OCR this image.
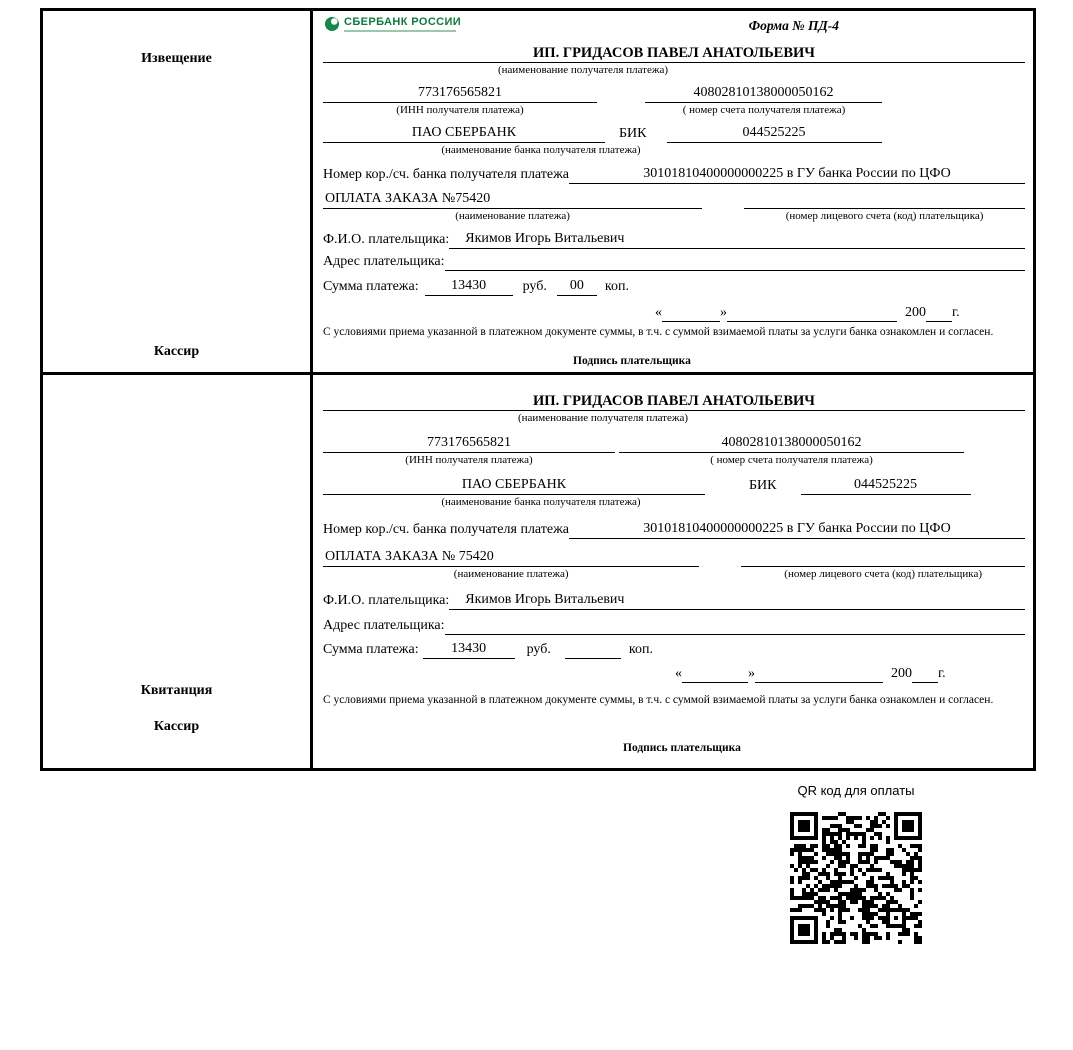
Извещение
Кассир
СБЕРБАНК РОССИИ	Форма № ПД-4
ИП. ГРИДАСОВ ПАВЕЛ АНАТОЛЬЕВИЧ
(наименование получателя платежа)
773176565821	40802810138000050162
(ИНН получателя платежа)	( номер счета получателя платежа)
ПАО СБЕРБАНК	БИК	044525225
(наименование банка получателя платежа)
Номер кор./сч. банка получателя платежа	30101810400000000225 в ГУ банка России по ЦФО
ОПЛАТА ЗАКАЗА №75420
(наименование платежа)	(номер лицевого счета (код) плательщика)
Ф.И.О. плательщика:	Якимов Игорь Витальевич
Адрес плательщика:
Сумма платежа:	13430	руб.	00	коп.
«	»	200 г.
С условиями приема указанной в платежном документе суммы, в т.ч. с суммой взимаемой платы за услуги банка ознакомлен и согласен.
Подпись плательщика
Квитанция
Кассир
ИП. ГРИДАСОВ ПАВЕЛ АНАТОЛЬЕВИЧ
(наименование получателя платежа)
773176565821	40802810138000050162
(ИНН получателя платежа)	( номер счета получателя платежа)
ПАО СБЕРБАНК	БИК	044525225
(наименование банка получателя платежа)
Номер кор./сч. банка получателя платежа	30101810400000000225 в ГУ банка России по ЦФО
ОПЛАТА ЗАКАЗА № 75420
(наименование платежа)	(номер лицевого счета (код) плательщика)
Ф.И.О. плательщика:	Якимов Игорь Витальевич
Адрес плательщика:
Сумма платежа:	13430	руб.	коп.
«	»	200 г.
С условиями приема указанной в платежном документе суммы, в т.ч. с суммой взимаемой платы за услуги банка ознакомлен и согласен.
Подпись плательщика
QR код для оплаты
